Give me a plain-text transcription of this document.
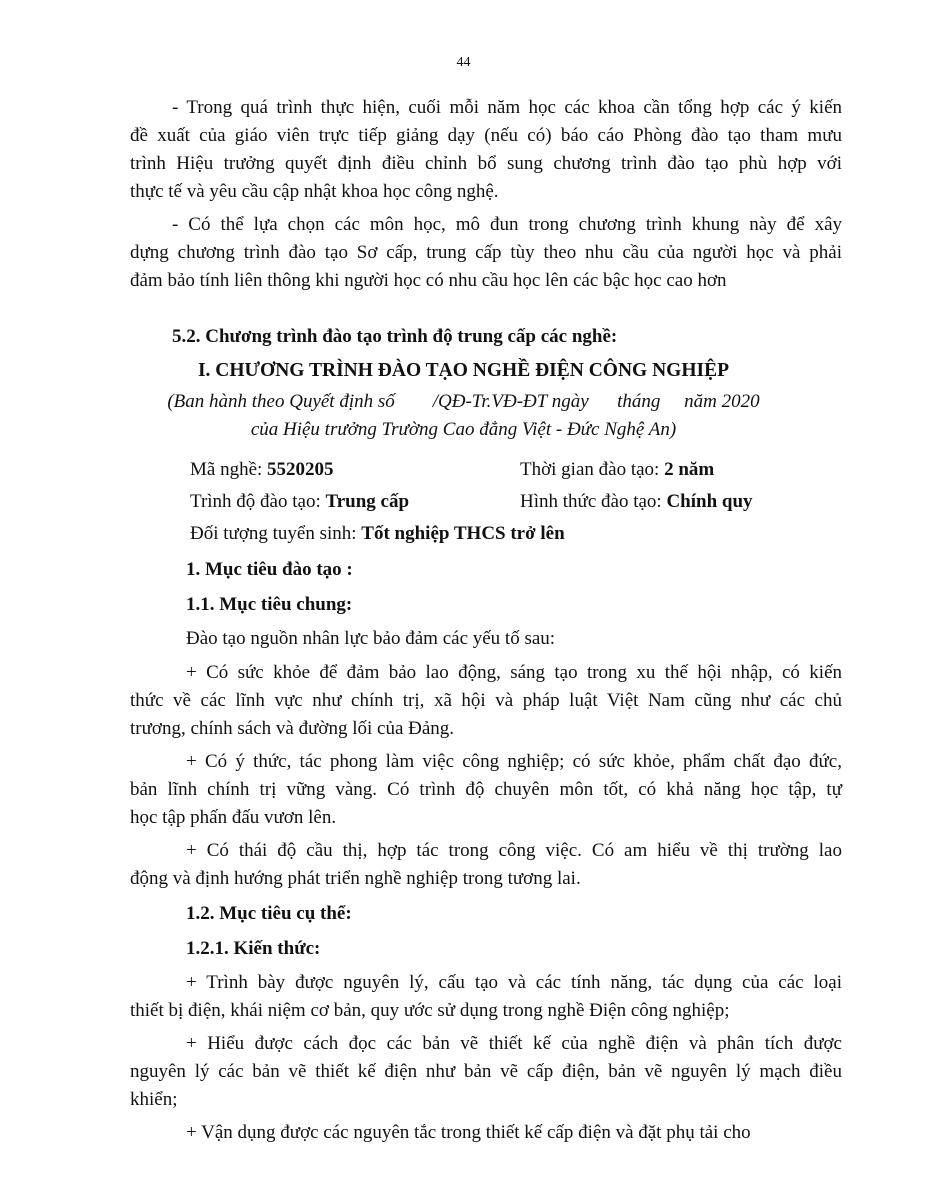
44
- Trong quá trình thực hiện, cuối mỗi năm học các khoa cần tổng hợp các ý kiến
đề xuất của giáo viên trực tiếp giảng dạy (nếu có) báo cáo Phòng đào tạo tham mưu
trình Hiệu trưởng quyết định điều chỉnh bổ sung chương trình đào tạo phù hợp với
thực tế và yêu cầu cập nhật khoa học công nghệ.
- Có thể lựa chọn các môn học, mô đun trong chương trình khung này để xây
dựng chương trình đào tạo Sơ cấp, trung cấp tùy theo nhu cầu của người học và phải
đảm bảo tính liên thông khi người học có nhu cầu học lên các bậc học cao hơn
5.2. Chương trình đào tạo trình độ trung cấp các nghề:
I. CHƯƠNG TRÌNH ĐÀO TẠO NGHỀ ĐIỆN CÔNG NGHIỆP
(Ban hành theo Quyết định số        /QĐ-Tr.VĐ-ĐT ngày      tháng     năm 2020
của Hiệu trưởng Trường Cao đẳng Việt - Đức Nghệ An)
Mã nghề: 5520205	Thời gian đào tạo: 2 năm
Trình độ đào tạo: Trung cấp	Hình thức đào tạo: Chính quy
Đối tượng tuyển sinh: Tốt nghiệp THCS trở lên
1. Mục tiêu đào tạo :
1.1. Mục tiêu chung:
Đào tạo nguồn nhân lực bảo đảm các yếu tố sau:
+ Có sức khỏe để đảm bảo lao động, sáng tạo trong xu thế hội nhập, có kiến
thức về các lĩnh vực như chính trị, xã hội và pháp luật Việt Nam cũng như các chủ
trương, chính sách và đường lối của Đảng.
+ Có ý thức, tác phong làm việc công nghiệp; có sức khỏe, phẩm chất đạo đức,
bản lĩnh chính trị vững vàng. Có trình độ chuyên môn tốt, có khả năng học tập, tự
học tập phấn đấu vươn lên.
+ Có thái độ cầu thị, hợp tác trong công việc. Có am hiểu về thị trường lao
động và định hướng phát triển nghề nghiệp trong tương lai.
1.2. Mục tiêu cụ thể:
1.2.1. Kiến thức:
+ Trình bày được nguyên lý, cấu tạo và các tính năng, tác dụng của các loại
thiết bị điện, khái niệm cơ bản, quy ước sử dụng trong nghề Điện công nghiệp;
+ Hiểu được cách đọc các bản vẽ thiết kế của nghề điện và phân tích được
nguyên lý các bản vẽ thiết kế điện như bản vẽ cấp điện, bản vẽ nguyên lý mạch điều
khiển;
+ Vận dụng được các nguyên tắc trong thiết kế cấp điện và đặt phụ tải cho
